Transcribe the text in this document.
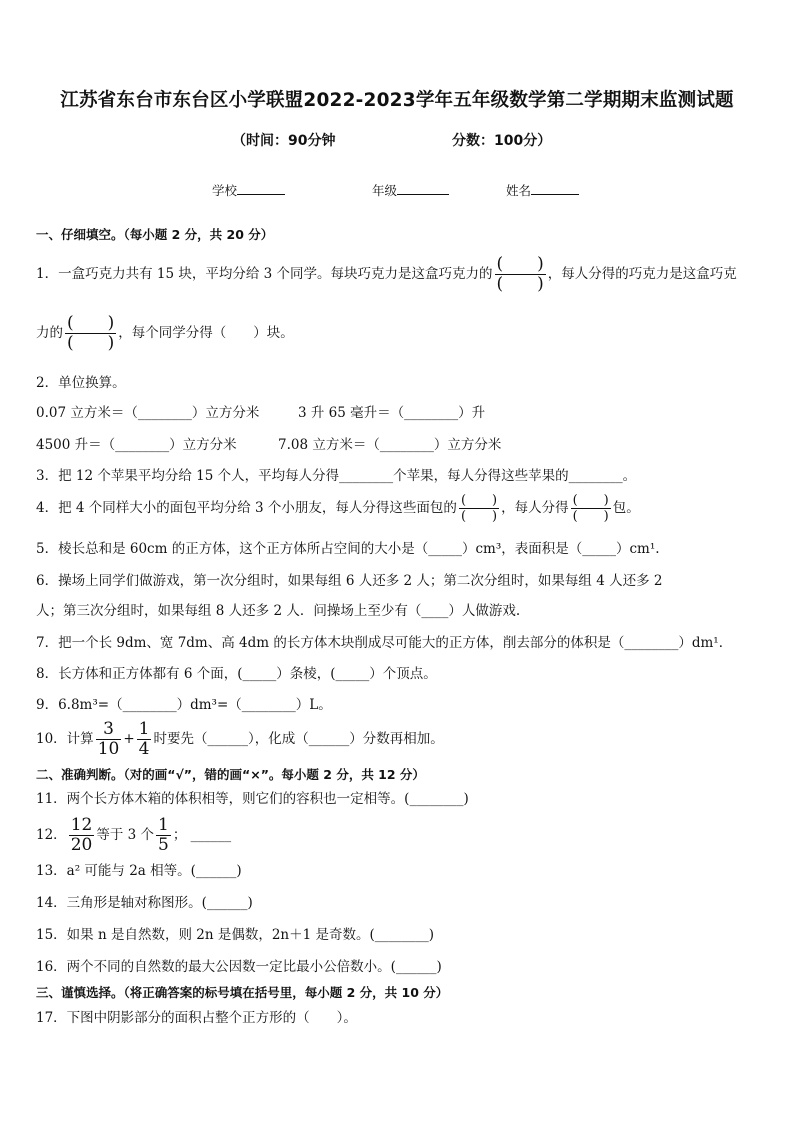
江苏省东台市东台区小学联盟2022-2023学年五年级数学第二学期期末监测试题
（时间：90分钟	分数：100分）
学校	年级	姓名
一、仔细填空。（每小题 2 分，共 20 分）
1．一盒巧克力共有 15 块，平均分给 3 个同学。每块巧克力是这盒巧克力的 $\frac{( )}{( )}$ ，每人分得的巧克力是这盒巧克
力的 $\frac{( )}{( )}$ ，每个同学分得（　　）块。
2．单位换算。
0.07 立方米＝（________）立方分米	3 升 65 毫升＝（________）升
4500 升＝（________）立方分米	7.08 立方米＝（________）立方分米
3．把 12 个苹果平均分给 15 个人，平均每人分得________个苹果，每人分得这些苹果的________。
4．把 4 个同样大小的面包平均分给 3 个小朋友，每人分得这些面包的 $\frac{( )}{( )}$ ，每人分得 $\frac{( )}{( )}$ 包。
5．棱长总和是 60cm 的正方体，这个正方体所占空间的大小是（_____）cm³，表面积是（_____）cm¹.
6．操场上同学们做游戏，第一次分组时，如果每组 6 人还多 2 人；第二次分组时，如果每组 4 人还多 2
人；第三次分组时，如果每组 8 人还多 2 人．问操场上至少有（____）人做游戏.
7．把一个长 9dm、宽 7dm、高 4dm 的长方体木块削成尽可能大的正方体，削去部分的体积是（________）dm¹．
8．长方体和正方体都有 6 个面，(_____）条棱，(_____）个顶点。
9．6.8m³=（________）dm³=（________）L。
10．计算 $\frac{3}{10} + \frac{1}{4}$ 时要先（______），化成（______）分数再相加。
二、准确判断。（对的画“√”，错的画“×”。每小题 2 分，共 12 分）
11．两个长方体木箱的体积相等，则它们的容积也一定相等。(________)
12． $\frac{12}{20}$ 等于 3 个 $\frac{1}{5}$ ； ______
13．a² 可能与 2a 相等。(______)
14．三角形是轴对称图形。(______)
15．如果 n 是自然数，则 2n 是偶数，2n＋1 是奇数。(________)
16．两个不同的自然数的最大公因数一定比最小公倍数小。(______)
三、谨慎选择。（将正确答案的标号填在括号里，每小题 2 分，共 10 分）
17．下图中阴影部分的面积占整个正方形的（　　）。
